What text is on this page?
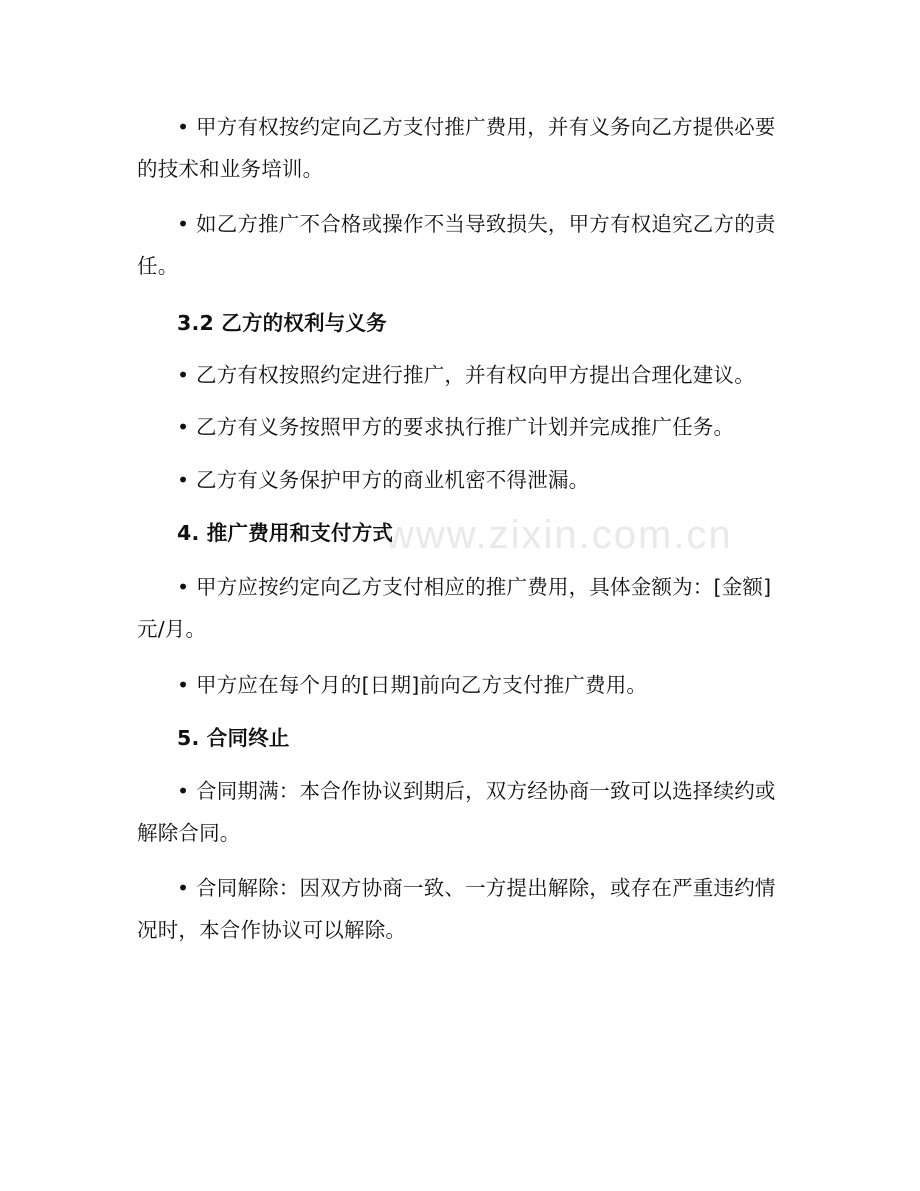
www.zixin.com.cn
• 甲方有权按约定向乙方支付推广费用，并有义务向乙方提供必要的技术和业务培训。
• 如乙方推广不合格或操作不当导致损失，甲方有权追究乙方的责任。
3.2 乙方的权利与义务
• 乙方有权按照约定进行推广，并有权向甲方提出合理化建议。
• 乙方有义务按照甲方的要求执行推广计划并完成推广任务。
• 乙方有义务保护甲方的商业机密不得泄漏。
4. 推广费用和支付方式
• 甲方应按约定向乙方支付相应的推广费用，具体金额为：[金额]元/月。
• 甲方应在每个月的[日期]前向乙方支付推广费用。
5. 合同终止
• 合同期满：本合作协议到期后，双方经协商一致可以选择续约或解除合同。
• 合同解除：因双方协商一致、一方提出解除，或存在严重违约情况时，本合作协议可以解除。
